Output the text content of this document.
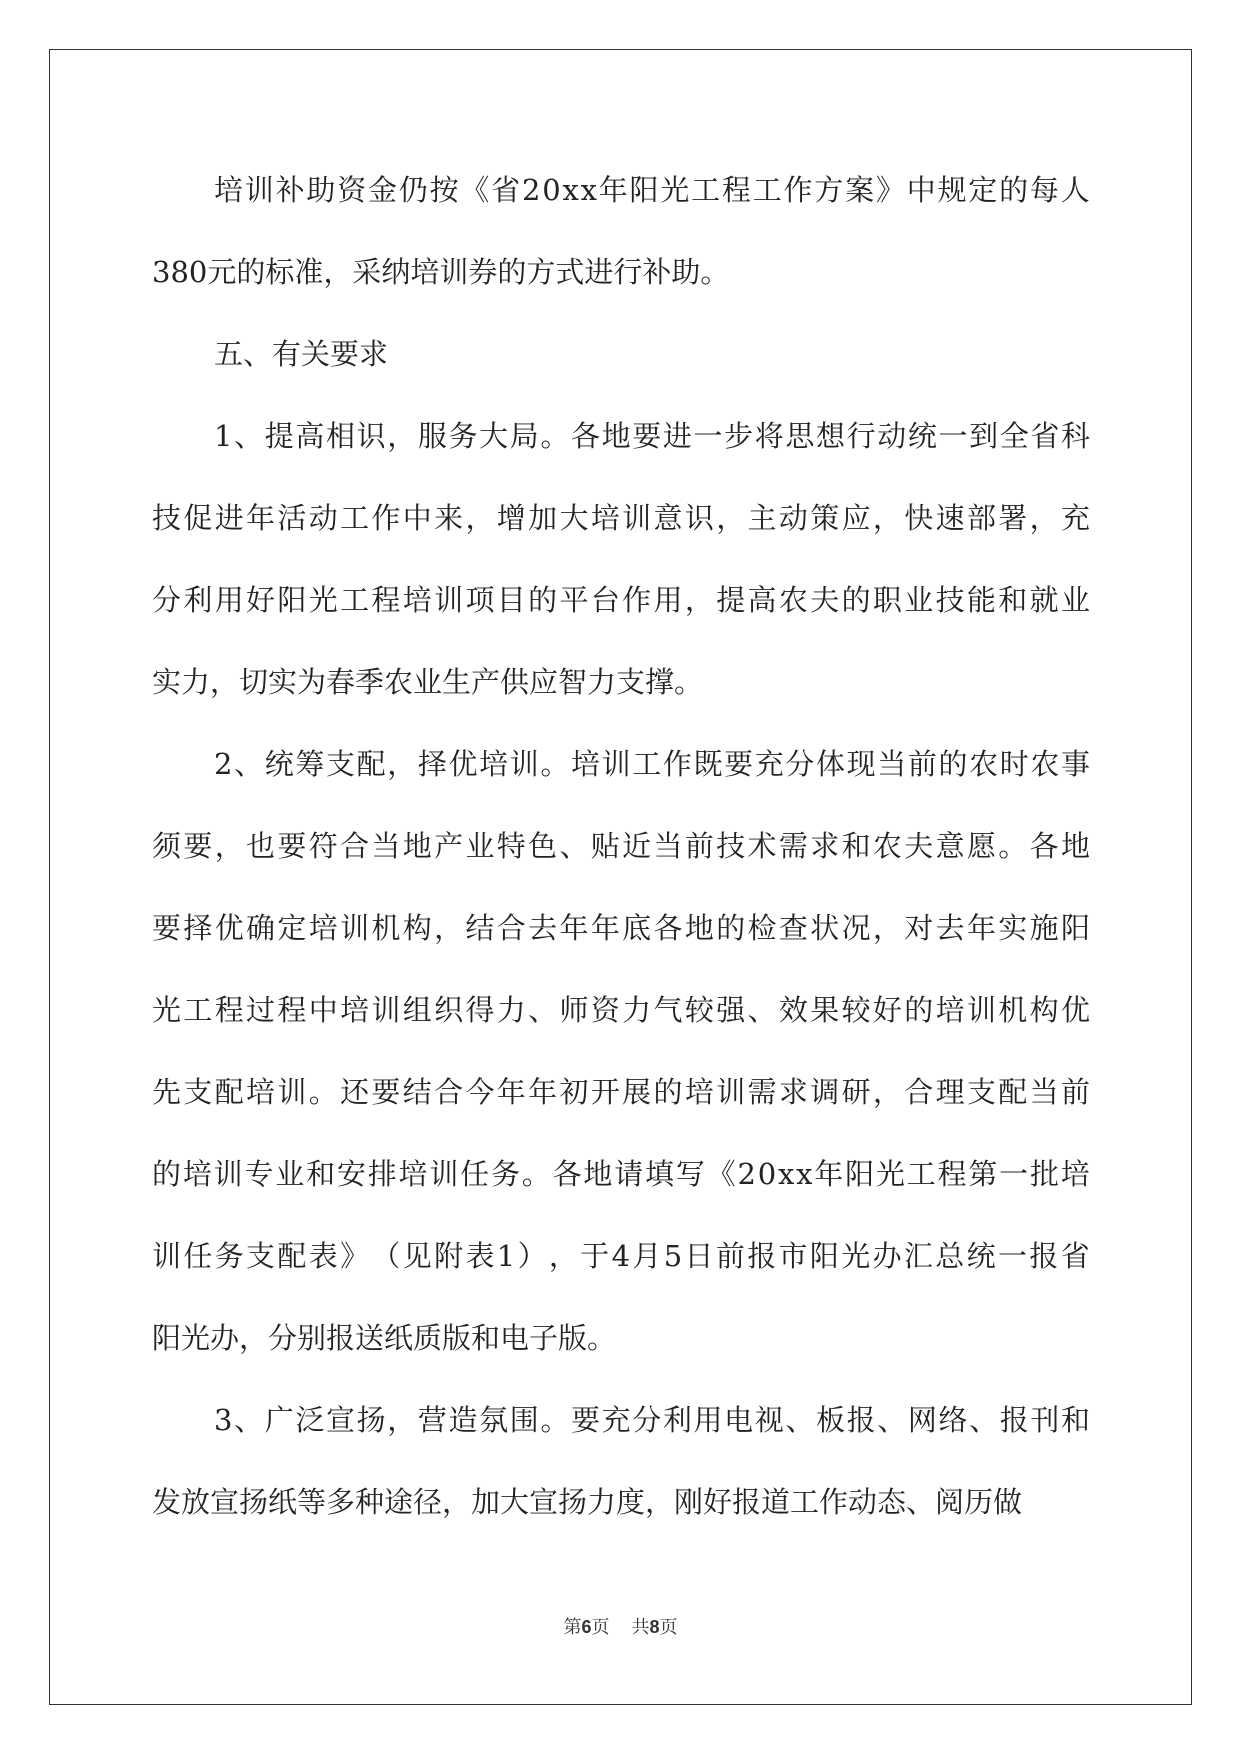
培 训 补 助 资 金 仍 按 《 省 2 0 x x 年 阳 光 工 程 工 作 方 案 》 中 规 定 的 每 人
380元的标准，采纳培训券的方式进行补助。
五、有关要求
1 、 提 高 相 识 ， 服 务 大 局 。 各 地 要 进 一 步 将 思 想 行 动 统 一 到 全 省 科
技 促 进 年 活 动 工 作 中 来 ， 增 加 大 培 训 意 识 ， 主 动 策 应 ， 快 速 部 署 ， 充
分 利 用 好 阳 光 工 程 培 训 项 目 的 平 台 作 用 ， 提 高 农 夫 的 职 业 技 能 和 就 业
实力，切实为春季农业生产供应智力支撑。
2 、 统 筹 支 配 ， 择 优 培 训 。 培 训 工 作 既 要 充 分 体 现 当 前 的 农 时 农 事
须 要 ， 也 要 符 合 当 地 产 业 特 色 、 贴 近 当 前 技 术 需 求 和 农 夫 意 愿 。 各 地
要 择 优 确 定 培 训 机 构 ， 结 合 去 年 年 底 各 地 的 检 查 状 况 ， 对 去 年 实 施 阳
光 工 程 过 程 中 培 训 组 织 得 力 、 师 资 力 气 较 强 、 效 果 较 好 的 培 训 机 构 优
先 支 配 培 训 。 还 要 结 合 今 年 年 初 开 展 的 培 训 需 求 调 研 ， 合 理 支 配 当 前
的 培 训 专 业 和 安 排 培 训 任 务 。 各 地 请 填 写 《 2 0 x x 年 阳 光 工 程 第 一 批 培
训 任 务 支 配 表 》 （ 见 附 表 1 ） ， 于 4 月 5 日 前 报 市 阳 光 办 汇 总 统 一 报 省
阳光办，分别报送纸质版和电子版。
3 、 广 泛 宣 扬 ， 营 造 氛 围 。 要 充 分 利 用 电 视 、 板 报 、 网 络 、 报 刊 和
发放宣扬纸等多种途径，加大宣扬力度，刚好报道工作动态、阅历做
第6页 共8页
